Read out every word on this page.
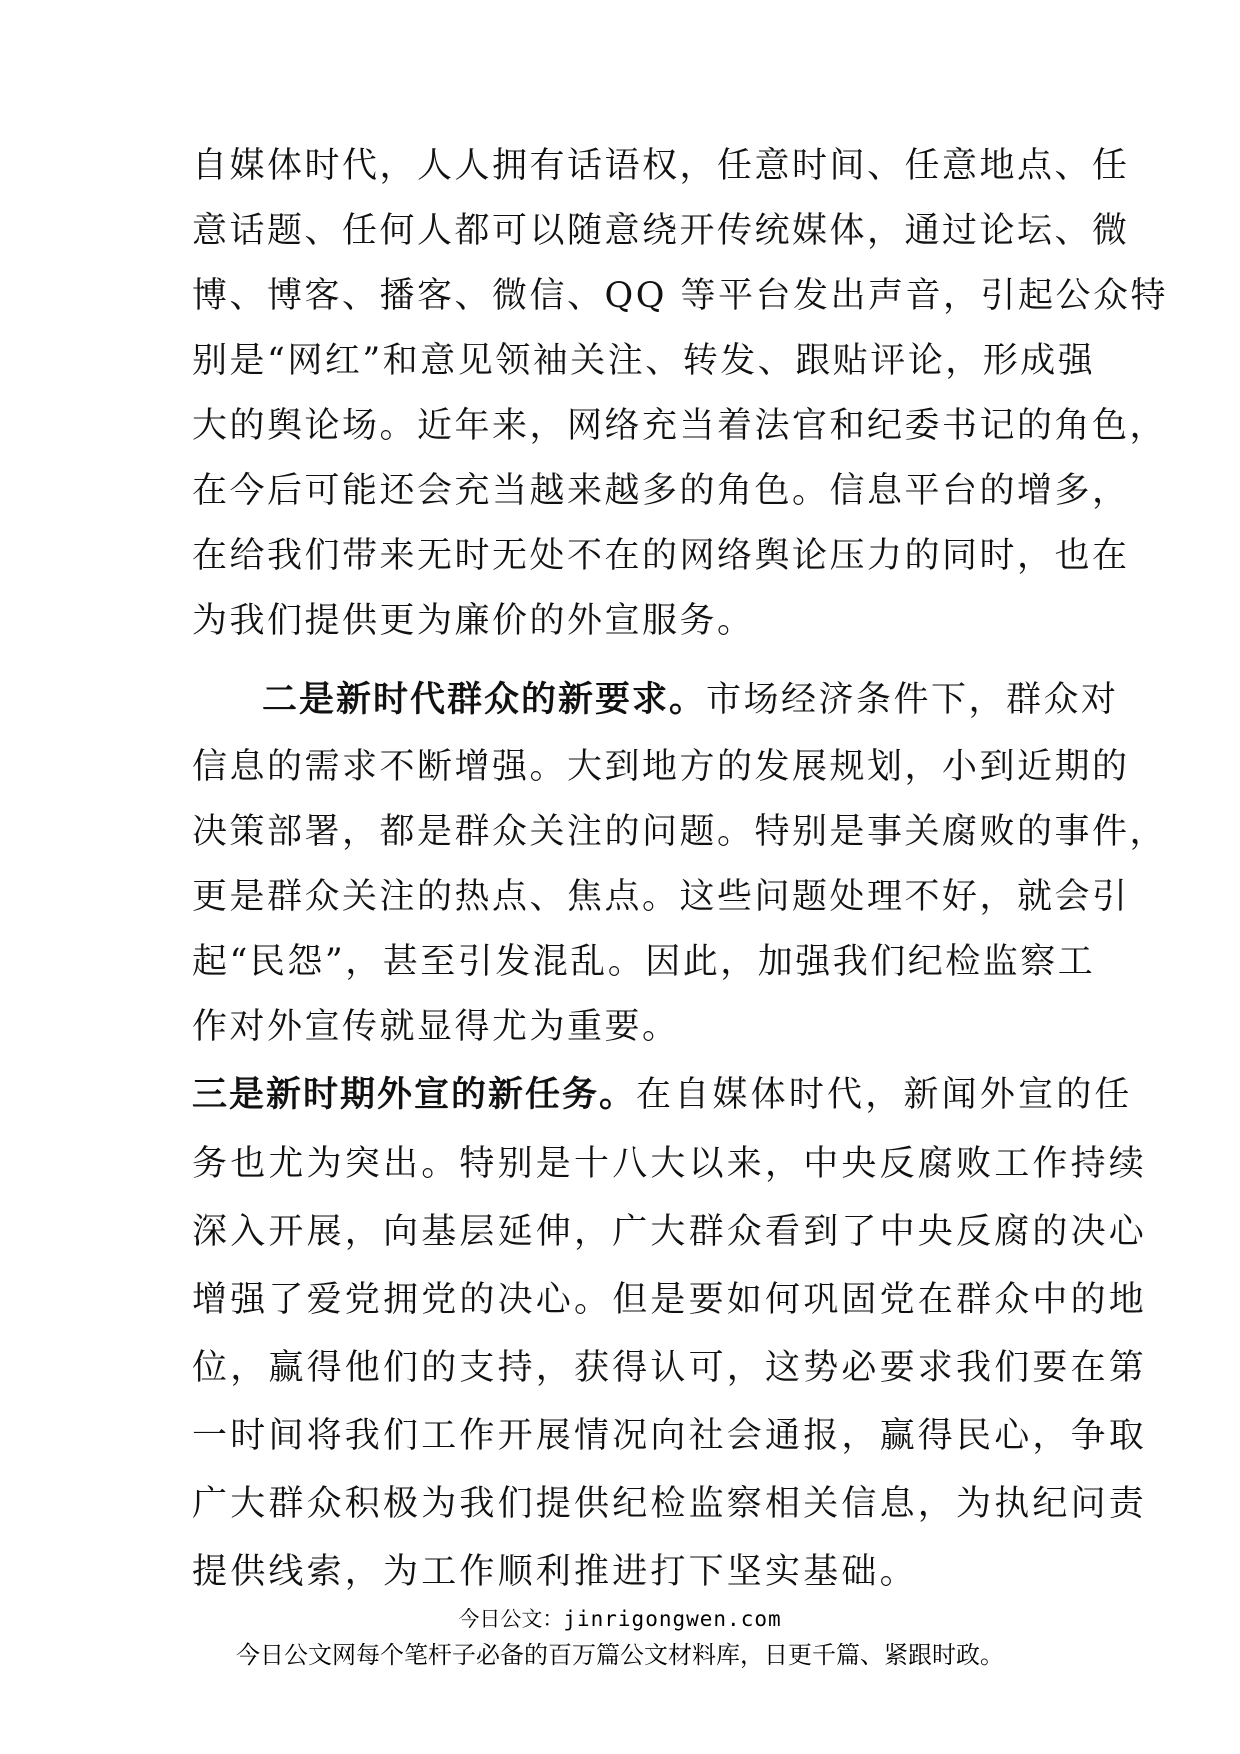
自媒体时代，人人拥有话语权，任意时间、任意地点、任
意话题、任何人都可以随意绕开传统媒体，通过论坛、微
博、博客、播客、微信、QQ 等平台发出声音，引起公众特
别是“网红”和意见领袖关注、转发、跟贴评论，形成强
大的舆论场。近年来，网络充当着法官和纪委书记的角色，
在今后可能还会充当越来越多的角色。信息平台的增多，
在给我们带来无时无处不在的网络舆论压力的同时，也在
为我们提供更为廉价的外宣服务。
二是新时代群众的新要求。市场经济条件下，群众对
信息的需求不断增强。大到地方的发展规划，小到近期的
决策部署，都是群众关注的问题。特别是事关腐败的事件，
更是群众关注的热点、焦点。这些问题处理不好，就会引
起“民怨”，甚至引发混乱。因此，加强我们纪检监察工
作对外宣传就显得尤为重要。
三是新时期外宣的新任务。在自媒体时代，新闻外宣的任
务也尤为突出。特别是十八大以来，中央反腐败工作持续
深入开展，向基层延伸，广大群众看到了中央反腐的决心
增强了爱党拥党的决心。但是要如何巩固党在群众中的地
位，赢得他们的支持，获得认可，这势必要求我们要在第
一时间将我们工作开展情况向社会通报，赢得民心，争取
广大群众积极为我们提供纪检监察相关信息，为执纪问责
提供线索，为工作顺利推进打下坚实基础。
今日公文：jinrigongwen.com
今日公文网每个笔杆子必备的百万篇公文材料库，日更千篇、紧跟时政。
